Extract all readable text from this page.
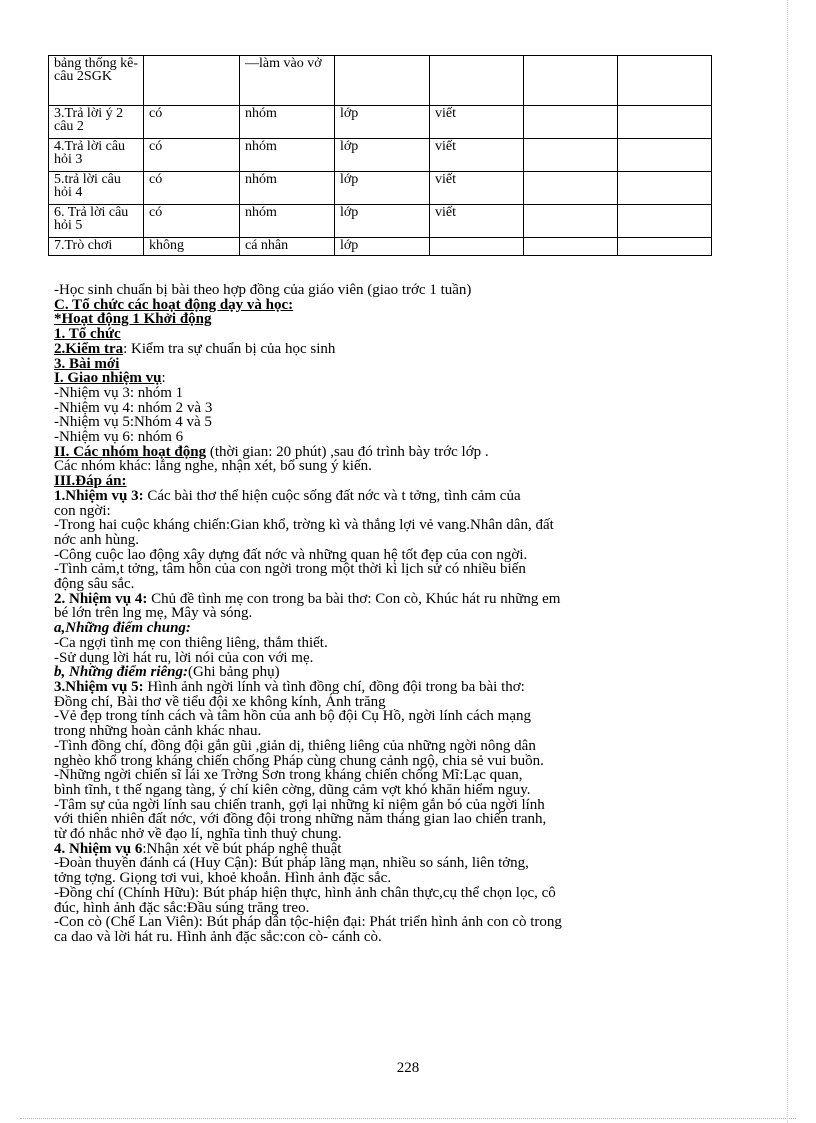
bảng thống kê- câu 2SGK		—làm vào vở				
3.Trả lời ý 2 câu 2	có	nhóm	lớp	viết		
4.Trả lời câu hỏi 3	có	nhóm	lớp	viết		
5.trả lời câu hỏi 4	có	nhóm	lớp	viết		
6. Trả lời câu hỏi 5	có	nhóm	lớp	viết		
7.Trò chơi	không	cá nhân	lớp			

-Học sinh chuẩn bị bài theo hợp đồng của giáo viên (giao trớc 1 tuần)

C. Tổ chức các hoạt động dạy và học:

*Hoạt động 1 Khởi động

1. Tổ chức

2.Kiểm tra: Kiểm tra sự chuẩn bị của học sinh

3. Bài mới

I. Giao nhiệm vụ:

-Nhiệm vụ 3: nhóm 1

-Nhiệm vụ 4: nhóm 2 và 3

-Nhiệm vụ 5:Nhóm 4 và 5

-Nhiệm vụ 6: nhóm 6

II. Các nhóm hoạt động (thời gian: 20 phút) ,sau đó trình bày trớc lớp .

Các nhóm khác: lắng nghe, nhận xét, bổ sung ý kiến.

III.Đáp án:

1.Nhiệm vụ 3: Các bài thơ thể hiện cuộc sống đất nớc và t tởng, tình cảm của

con ngời:

-Trong hai cuộc kháng chiến:Gian khổ, trờng kì và thắng lợi vẻ vang.Nhân dân, đất

nớc anh hùng.

-Công cuộc lao động xây dựng đất nớc và những quan hệ tốt đẹp của con ngời.

-Tình cảm,t tởng, tâm hồn của con ngời trong một thời kì lịch sử có nhiều biến

động sâu sắc.

2. Nhiệm vụ 4: Chủ đề tình mẹ con trong ba bài thơ: Con cò, Khúc hát ru những em

bé lớn trên lng mẹ, Mây và sóng.

a,Những điểm chung:

-Ca ngợi tình mẹ con thiêng liêng, thắm thiết.

-Sử dụng lời hát ru, lời nói của con với mẹ.

b, Những điểm riêng:(Ghi bảng phụ)

3.Nhiệm vụ 5: Hình ảnh ngời lính và tình đồng chí, đồng đội trong ba bài thơ:

Đồng chí, Bài thơ về tiểu đội xe không kính, Ánh trăng

-Vẻ đẹp trong tính cách và tâm hồn của anh bộ đội Cụ Hồ, ngời lính cách mạng

trong những hoàn cảnh khác nhau.

-Tình đồng chí, đồng đội gắn gũi ,giản dị, thiêng liêng của những ngời nông dân

nghèo khổ trong kháng chiến chống Pháp cùng chung cảnh ngộ, chia sẻ vui buồn.

-Những ngời chiến sĩ lái xe Trờng Sơn trong kháng chiến chống Mĩ:Lạc quan,

bình tĩnh, t thế ngang tàng, ý chí kiên cờng, dũng cảm vợt khó khăn hiểm nguy.

-Tâm sự của ngời lính sau chiến tranh, gợi lại những kỉ niệm gắn bó của ngời lính

với thiên nhiên đất nớc, với đồng đội trong những năm tháng gian lao chiến tranh,

từ đó nhắc nhở về đạo lí, nghĩa tình thuỷ chung.

4. Nhiệm vụ 6:Nhận xét về bút pháp nghệ thuật

-Đoàn thuyền đánh cá (Huy Cận): Bút pháp lãng mạn, nhiều so sánh, liên tởng,

tởng tợng. Giọng tơi vui, khoẻ khoắn. Hình ảnh đặc sắc.

-Đồng chí (Chính Hữu): Bút pháp hiện thực, hình ảnh chân thực,cụ thể chọn lọc, cô

đúc, hình ảnh đặc sắc:Đầu súng trăng treo.

-Con cò (Chế Lan Viên): Bút pháp dân tộc-hiện đại: Phát triển hình ảnh con cò trong

ca dao và lời hát ru. Hình ảnh đặc sắc:con cò- cánh cò.

228
